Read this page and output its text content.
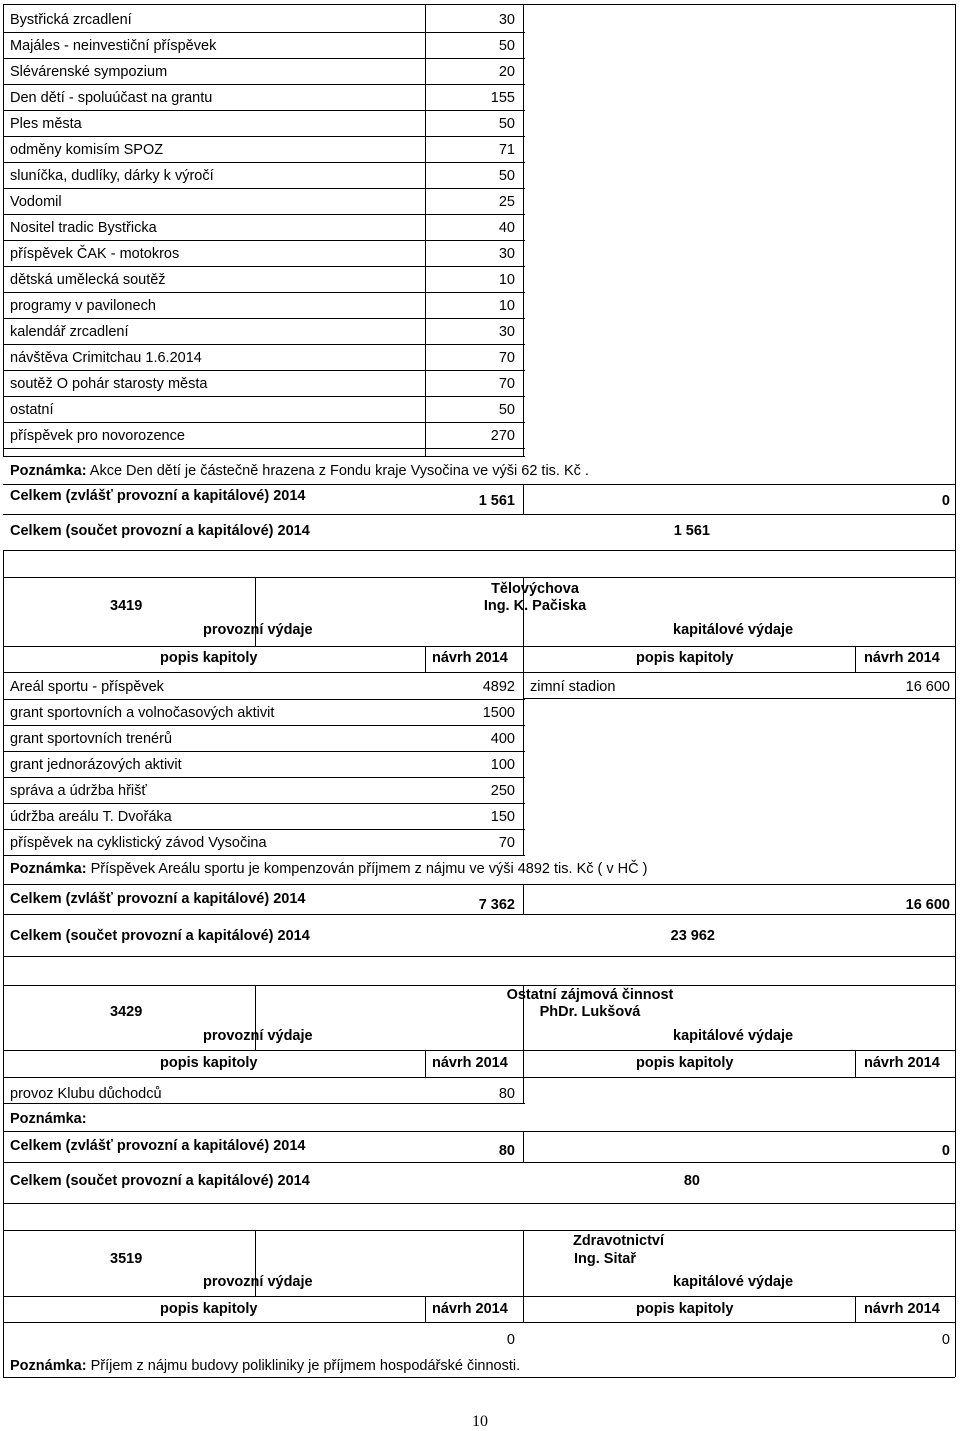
Bystřická zrcadlení	30
Majáles - neinvestiční příspěvek	50
Slévárenské sympozium	20
Den dětí - spoluúčast na grantu	155
Ples města	50
odměny komisím SPOZ	71
sluníčka, dudlíky, dárky k výročí	50
Vodomil	25
Nositel tradic Bystřicka	40
příspěvek ČAK - motokros	30
dětská umělecká soutěž	10
programy v pavilonech	10
kalendář zrcadlení	30
návštěva Crimitchau 1.6.2014	70
soutěž O pohár starosty města	70
ostatní	50
příspěvek pro novorozence	270
Poznámka: Akce Den dětí je částečně hrazena z Fondu kraje Vysočina ve výši 62 tis. Kč .
Celkem (zvlášť provozní a kapitálové) 2014	1 561	0
Celkem (součet provozní a kapitálové) 2014	1 561
Tělovýchova
Ing. K. Pačiska
3419
provozní výdaje	kapitálové výdaje
popis kapitoly	návrh 2014	popis kapitoly	návrh 2014
Areál sportu - příspěvek	4892
grant sportovních a volnočasových aktivit	1500
grant sportovních trenérů	400
grant jednorázových aktivit	100
správa a údržba hřišť	250
údržba areálu T. Dvořáka	150
příspěvek na cyklistický závod Vysočina	70
zimní stadion	16 600
Poznámka: Příspěvek Areálu sportu je kompenzován příjmem z nájmu ve výši 4892 tis. Kč ( v HČ )
Celkem (zvlášť provozní a kapitálové) 2014	7 362	16 600
Celkem (součet provozní a kapitálové) 2014	23 962
Ostatní zájmová činnost
PhDr. Lukšová
3429
provozní výdaje	kapitálové výdaje
popis kapitoly	návrh 2014	popis kapitoly	návrh 2014
provoz Klubu důchodců	80
Poznámka:
Celkem (zvlášť provozní a kapitálové) 2014	80	0
Celkem (součet provozní a kapitálové) 2014	80
Zdravotnictví
Ing. Sitař
3519
provozní výdaje	kapitálové výdaje
popis kapitoly	návrh 2014	popis kapitoly	návrh 2014
0	0
Poznámka: Příjem z nájmu budovy polikliniky je příjmem hospodářské činnosti.
10
